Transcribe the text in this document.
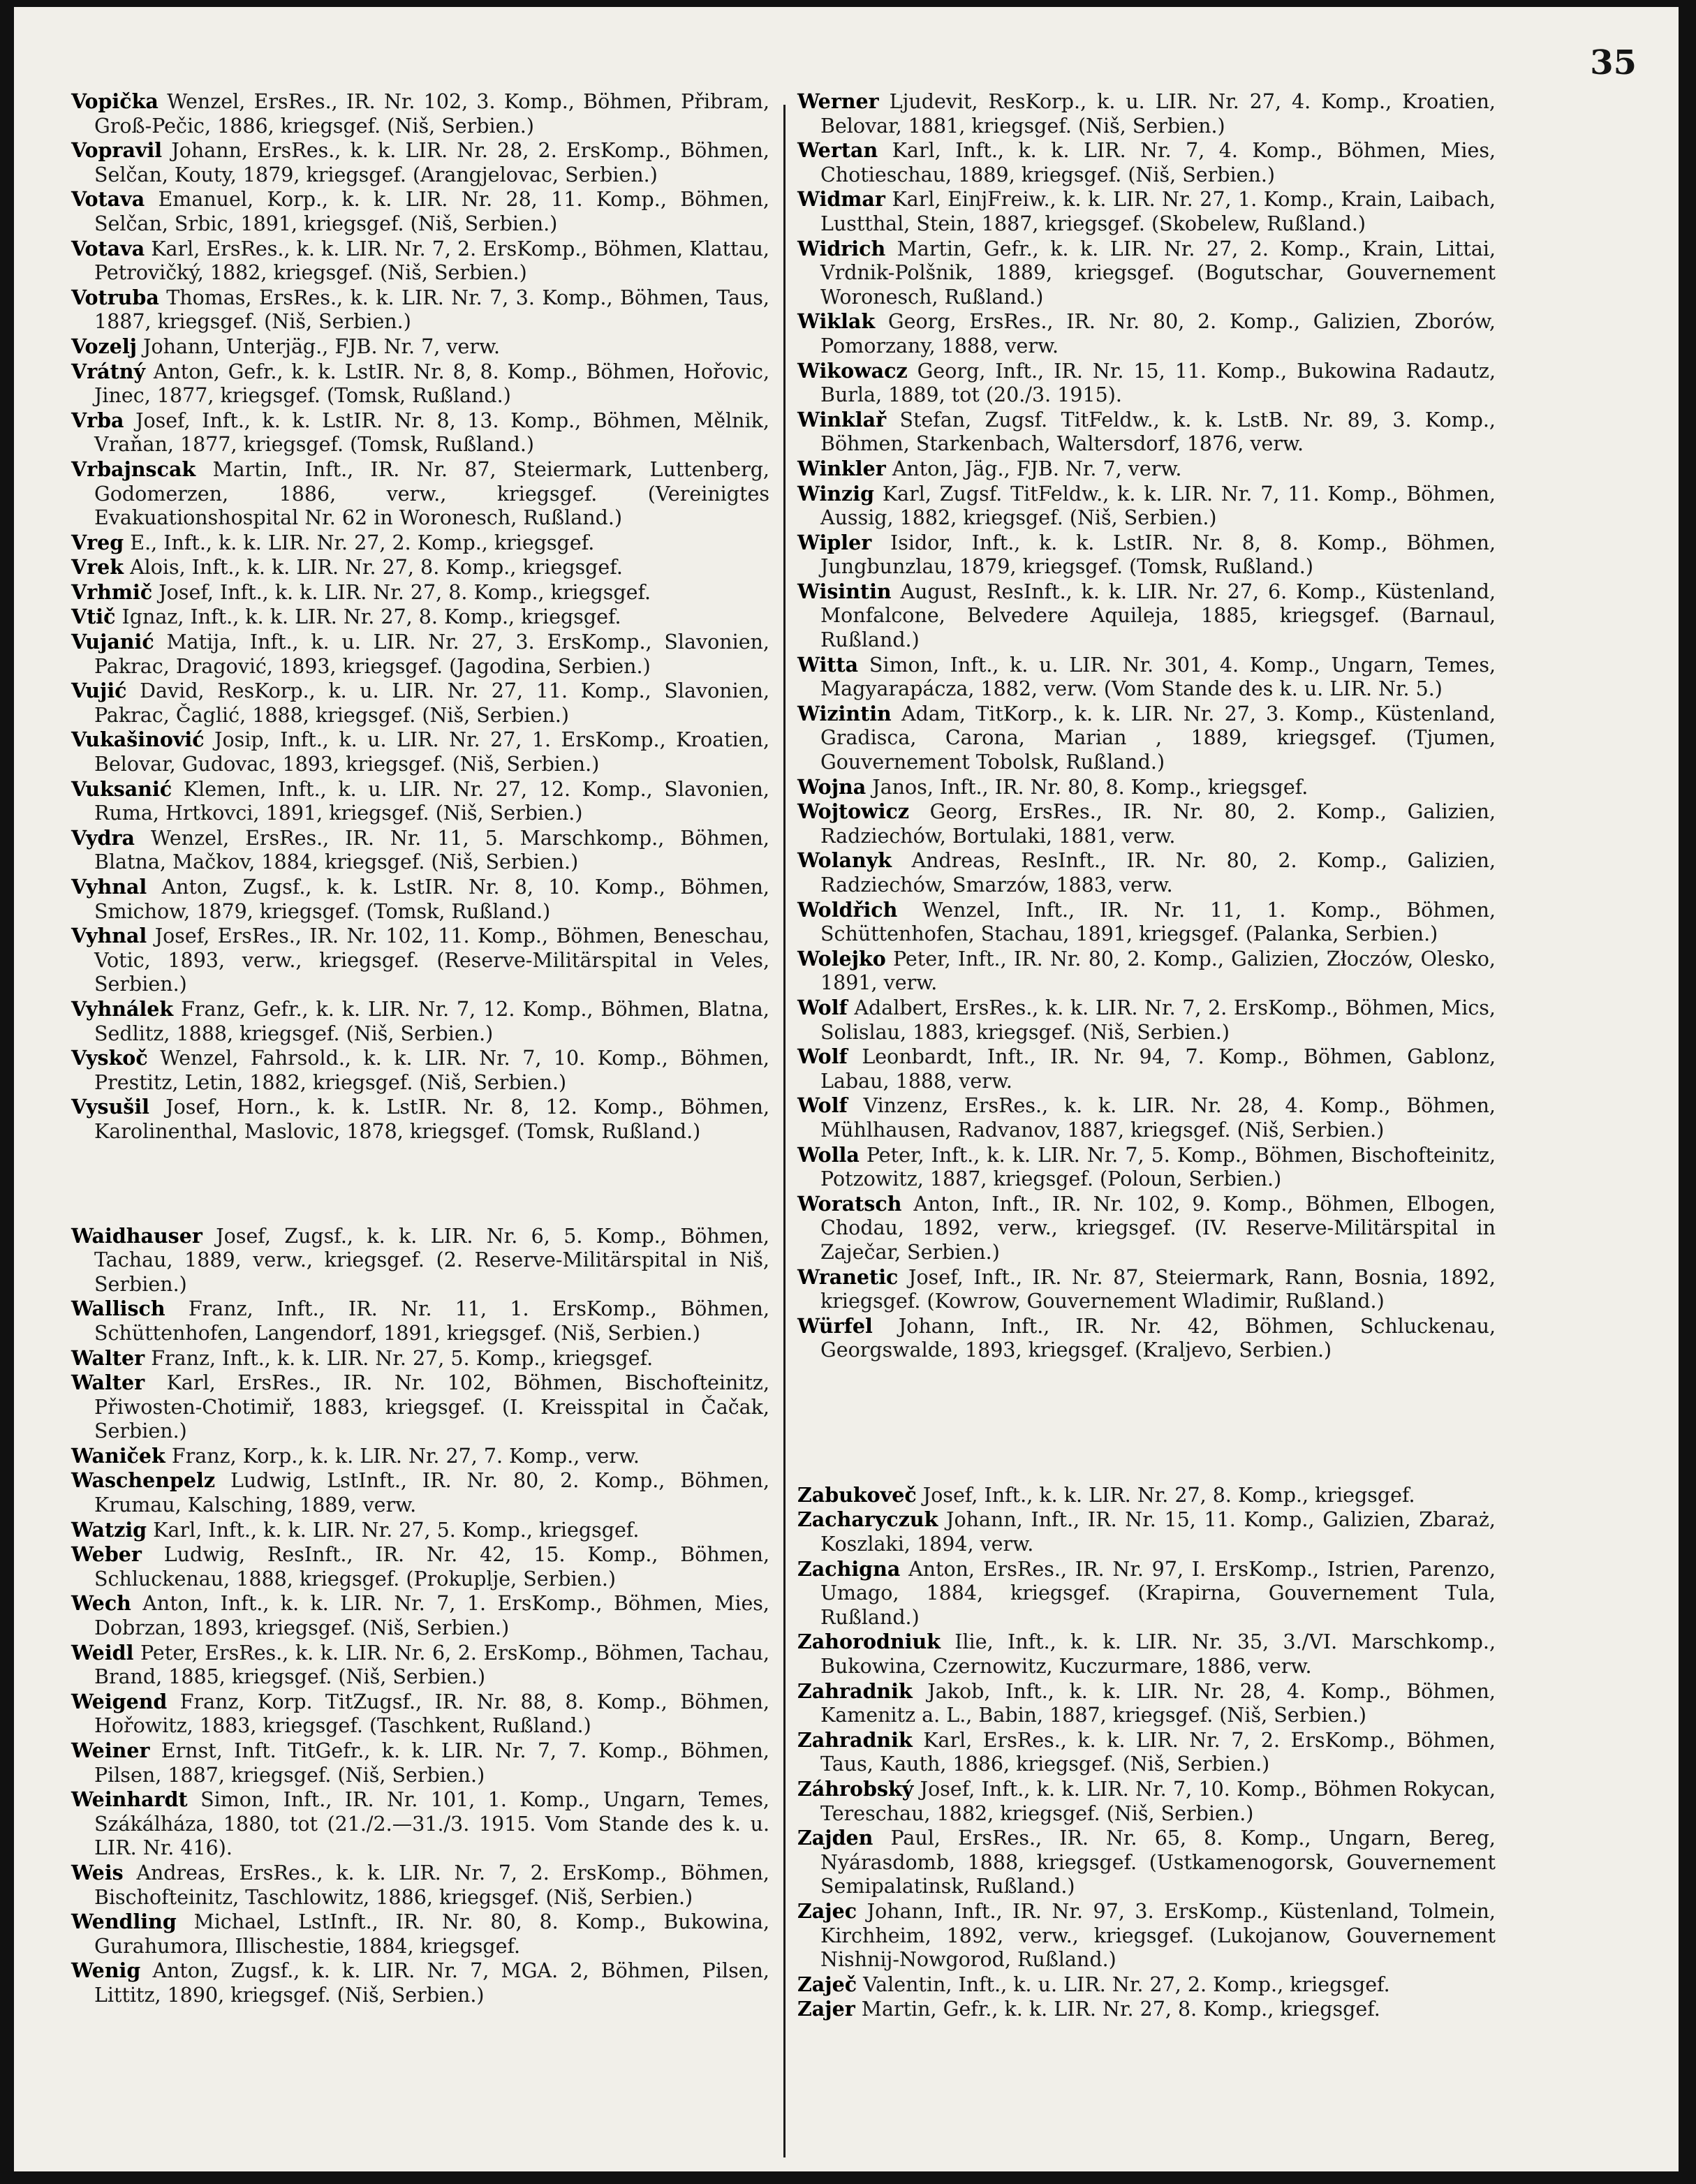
35
Vopička Wenzel, ErsRes., IR. Nr. 102, 3. Komp., Böhmen, Přibram, Groß-Pečic, 1886, kriegsgef. (Niš, Serbien.)
Vopravil Johann, ErsRes., k. k. LIR. Nr. 28, 2. ErsKomp., Böhmen, Selčan, Kouty, 1879, kriegsgef. (Arangjelovac, Serbien.)
Votava Emanuel, Korp., k. k. LIR. Nr. 28, 11. Komp., Böhmen, Selčan, Srbic, 1891, kriegsgef. (Niš, Serbien.)
Votava Karl, ErsRes., k. k. LIR. Nr. 7, 2. ErsKomp., Böhmen, Klattau, Petrovičký, 1882, kriegsgef. (Niš, Serbien.)
Votruba Thomas, ErsRes., k. k. LIR. Nr. 7, 3. Komp., Böhmen, Taus, 1887, kriegsgef. (Niš, Serbien.)
Vozelj Johann, Unterjäg., FJB. Nr. 7, verw.
Vrátný Anton, Gefr., k. k. LstIR. Nr. 8, 8. Komp., Böhmen, Hořovic, Jinec, 1877, kriegsgef. (Tomsk, Rußland.)
Vrba Josef, Inft., k. k. LstIR. Nr. 8, 13. Komp., Böhmen, Mělnik, Vraňan, 1877, kriegsgef. (Tomsk, Rußland.)
Vrbajnscak Martin, Inft., IR. Nr. 87, Steiermark, Luttenberg, Godomerzen, 1886, verw., kriegsgef. (Vereinigtes Evakuationshospital Nr. 62 in Woronesch, Rußland.)
Vreg E., Inft., k. k. LIR. Nr. 27, 2. Komp., kriegsgef.
Vrek Alois, Inft., k. k. LIR. Nr. 27, 8. Komp., kriegsgef.
Vrhmič Josef, Inft., k. k. LIR. Nr. 27, 8. Komp., kriegsgef.
Vtič Ignaz, Inft., k. k. LIR. Nr. 27, 8. Komp., kriegsgef.
Vujanić Matija, Inft., k. u. LIR. Nr. 27, 3. ErsKomp., Slavonien, Pakrac, Dragović, 1893, kriegsgef. (Jagodina, Serbien.)
Vujić David, ResKorp., k. u. LIR. Nr. 27, 11. Komp., Slavonien, Pakrac, Čaglić, 1888, kriegsgef. (Niš, Serbien.)
Vukašinović Josip, Inft., k. u. LIR. Nr. 27, 1. ErsKomp., Kroatien, Belovar, Gudovac, 1893, kriegsgef. (Niš, Serbien.)
Vuksanić Klemen, Inft., k. u. LIR. Nr. 27, 12. Komp., Slavonien, Ruma, Hrtkovci, 1891, kriegsgef. (Niš, Serbien.)
Vydra Wenzel, ErsRes., IR. Nr. 11, 5. Marschkomp., Böhmen, Blatna, Mačkov, 1884, kriegsgef. (Niš, Serbien.)
Vyhnal Anton, Zugsf., k. k. LstIR. Nr. 8, 10. Komp., Böhmen, Smichow, 1879, kriegsgef. (Tomsk, Rußland.)
Vyhnal Josef, ErsRes., IR. Nr. 102, 11. Komp., Böhmen, Beneschau, Votic, 1893, verw., kriegsgef. (Reserve-Militärspital in Veles, Serbien.)
Vyhnálek Franz, Gefr., k. k. LIR. Nr. 7, 12. Komp., Böhmen, Blatna, Sedlitz, 1888, kriegsgef. (Niš, Serbien.)
Vyskoč Wenzel, Fahrsold., k. k. LIR. Nr. 7, 10. Komp., Böhmen, Prestitz, Letin, 1882, kriegsgef. (Niš, Serbien.)
Vysušil Josef, Horn., k. k. LstIR. Nr. 8, 12. Komp., Böhmen, Karolinenthal, Maslovic, 1878, kriegsgef. (Tomsk, Rußland.)
Waidhauser Josef, Zugsf., k. k. LIR. Nr. 6, 5. Komp., Böhmen, Tachau, 1889, verw., kriegsgef. (2. Reserve-Militärspital in Niš, Serbien.)
Wallisch Franz, Inft., IR. Nr. 11, 1. ErsKomp., Böhmen, Schüttenhofen, Langendorf, 1891, kriegsgef. (Niš, Serbien.)
Walter Franz, Inft., k. k. LIR. Nr. 27, 5. Komp., kriegsgef.
Walter Karl, ErsRes., IR. Nr. 102, Böhmen, Bischofteinitz, Přiwosten-Chotimiř, 1883, kriegsgef. (I. Kreisspital in Čačak, Serbien.)
Waniček Franz, Korp., k. k. LIR. Nr. 27, 7. Komp., verw.
Waschenpelz Ludwig, LstInft., IR. Nr. 80, 2. Komp., Böhmen, Krumau, Kalsching, 1889, verw.
Watzig Karl, Inft., k. k. LIR. Nr. 27, 5. Komp., kriegsgef.
Weber Ludwig, ResInft., IR. Nr. 42, 15. Komp., Böhmen, Schluckenau, 1888, kriegsgef. (Prokuplje, Serbien.)
Wech Anton, Inft., k. k. LIR. Nr. 7, 1. ErsKomp., Böhmen, Mies, Dobrzan, 1893, kriegsgef. (Niš, Serbien.)
Weidl Peter, ErsRes., k. k. LIR. Nr. 6, 2. ErsKomp., Böhmen, Tachau, Brand, 1885, kriegsgef. (Niš, Serbien.)
Weigend Franz, Korp. TitZugsf., IR. Nr. 88, 8. Komp., Böhmen, Hořowitz, 1883, kriegsgef. (Taschkent, Rußland.)
Weiner Ernst, Inft. TitGefr., k. k. LIR. Nr. 7, 7. Komp., Böhmen, Pilsen, 1887, kriegsgef. (Niš, Serbien.)
Weinhardt Simon, Inft., IR. Nr. 101, 1. Komp., Ungarn, Temes, Szákálháza, 1880, tot (21./2.—31./3. 1915. Vom Stande des k. u. LIR. Nr. 416).
Weis Andreas, ErsRes., k. k. LIR. Nr. 7, 2. ErsKomp., Böhmen, Bischofteinitz, Taschlowitz, 1886, kriegsgef. (Niš, Serbien.)
Wendling Michael, LstInft., IR. Nr. 80, 8. Komp., Bukowina, Gurahumora, Illischestie, 1884, kriegsgef.
Wenig Anton, Zugsf., k. k. LIR. Nr. 7, MGA. 2, Böhmen, Pilsen, Littitz, 1890, kriegsgef. (Niš, Serbien.)
Werner Ljudevit, ResKorp., k. u. LIR. Nr. 27, 4. Komp., Kroatien, Belovar, 1881, kriegsgef. (Niš, Serbien.)
Wertan Karl, Inft., k. k. LIR. Nr. 7, 4. Komp., Böhmen, Mies, Chotieschau, 1889, kriegsgef. (Niš, Serbien.)
Widmar Karl, EinjFreiw., k. k. LIR. Nr. 27, 1. Komp., Krain, Laibach, Lustthal, Stein, 1887, kriegsgef. (Skobelew, Rußland.)
Widrich Martin, Gefr., k. k. LIR. Nr. 27, 2. Komp., Krain, Littai, Vrdnik-Polšnik, 1889, kriegsgef. (Bogutschar, Gouvernement Woronesch, Rußland.)
Wiklak Georg, ErsRes., IR. Nr. 80, 2. Komp., Galizien, Zborów, Pomorzany, 1888, verw.
Wikowacz Georg, Inft., IR. Nr. 15, 11. Komp., Bukowina Radautz, Burla, 1889, tot (20./3. 1915).
Winklař Stefan, Zugsf. TitFeldw., k. k. LstB. Nr. 89, 3. Komp., Böhmen, Starkenbach, Waltersdorf, 1876, verw.
Winkler Anton, Jäg., FJB. Nr. 7, verw.
Winzig Karl, Zugsf. TitFeldw., k. k. LIR. Nr. 7, 11. Komp., Böhmen, Aussig, 1882, kriegsgef. (Niš, Serbien.)
Wipler Isidor, Inft., k. k. LstIR. Nr. 8, 8. Komp., Böhmen, Jungbunzlau, 1879, kriegsgef. (Tomsk, Rußland.)
Wisintin August, ResInft., k. k. LIR. Nr. 27, 6. Komp., Küstenland, Monfalcone, Belvedere Aquileja, 1885, kriegsgef. (Barnaul, Rußland.)
Witta Simon, Inft., k. u. LIR. Nr. 301, 4. Komp., Ungarn, Temes, Magyarapácza, 1882, verw. (Vom Stande des k. u. LIR. Nr. 5.)
Wizintin Adam, TitKorp., k. k. LIR. Nr. 27, 3. Komp., Küstenland, Gradisca, Carona, Marian , 1889, kriegsgef. (Tjumen, Gouvernement Tobolsk, Rußland.)
Wojna Janos, Inft., IR. Nr. 80, 8. Komp., kriegsgef.
Wojtowicz Georg, ErsRes., IR. Nr. 80, 2. Komp., Galizien, Radziechów, Bortulaki, 1881, verw.
Wolanyk Andreas, ResInft., IR. Nr. 80, 2. Komp., Galizien, Radziechów, Smarzów, 1883, verw.
Woldřich Wenzel, Inft., IR. Nr. 11, 1. Komp., Böhmen, Schüttenhofen, Stachau, 1891, kriegsgef. (Palanka, Serbien.)
Wolejko Peter, Inft., IR. Nr. 80, 2. Komp., Galizien, Złoczów, Olesko, 1891, verw.
Wolf Adalbert, ErsRes., k. k. LIR. Nr. 7, 2. ErsKomp., Böhmen, Mics, Solislau, 1883, kriegsgef. (Niš, Serbien.)
Wolf Leonbardt, Inft., IR. Nr. 94, 7. Komp., Böhmen, Gablonz, Labau, 1888, verw.
Wolf Vinzenz, ErsRes., k. k. LIR. Nr. 28, 4. Komp., Böhmen, Mühlhausen, Radvanov, 1887, kriegsgef. (Niš, Serbien.)
Wolla Peter, Inft., k. k. LIR. Nr. 7, 5. Komp., Böhmen, Bischofteinitz, Potzowitz, 1887, kriegsgef. (Poloun, Serbien.)
Woratsch Anton, Inft., IR. Nr. 102, 9. Komp., Böhmen, Elbogen, Chodau, 1892, verw., kriegsgef. (IV. Reserve-Militärspital in Zaječar, Serbien.)
Wranetic Josef, Inft., IR. Nr. 87, Steiermark, Rann, Bosnia, 1892, kriegsgef. (Kowrow, Gouvernement Wladimir, Rußland.)
Würfel Johann, Inft., IR. Nr. 42, Böhmen, Schluckenau, Georgswalde, 1893, kriegsgef. (Kraljevo, Serbien.)
Zabukoveč Josef, Inft., k. k. LIR. Nr. 27, 8. Komp., kriegsgef.
Zacharyczuk Johann, Inft., IR. Nr. 15, 11. Komp., Galizien, Zbaraż, Koszlaki, 1894, verw.
Zachigna Anton, ErsRes., IR. Nr. 97, I. ErsKomp., Istrien, Parenzo, Umago, 1884, kriegsgef. (Krapirna, Gouvernement Tula, Rußland.)
Zahorodniuk Ilie, Inft., k. k. LIR. Nr. 35, 3./VI. Marschkomp., Bukowina, Czernowitz, Kuczurmare, 1886, verw.
Zahradnik Jakob, Inft., k. k. LIR. Nr. 28, 4. Komp., Böhmen, Kamenitz a. L., Babin, 1887, kriegsgef. (Niš, Serbien.)
Zahradnik Karl, ErsRes., k. k. LIR. Nr. 7, 2. ErsKomp., Böhmen, Taus, Kauth, 1886, kriegsgef. (Niš, Serbien.)
Záhrobský Josef, Inft., k. k. LIR. Nr. 7, 10. Komp., Böhmen Rokycan, Tereschau, 1882, kriegsgef. (Niš, Serbien.)
Zajden Paul, ErsRes., IR. Nr. 65, 8. Komp., Ungarn, Bereg, Nyárasdomb, 1888, kriegsgef. (Ustkamenogorsk, Gouvernement Semipalatinsk, Rußland.)
Zajec Johann, Inft., IR. Nr. 97, 3. ErsKomp., Küstenland, Tolmein, Kirchheim, 1892, verw., kriegsgef. (Lukojanow, Gouvernement Nishnij-Nowgorod, Rußland.)
Zaječ Valentin, Inft., k. u. LIR. Nr. 27, 2. Komp., kriegsgef.
Zajer Martin, Gefr., k. k. LIR. Nr. 27, 8. Komp., kriegsgef.
